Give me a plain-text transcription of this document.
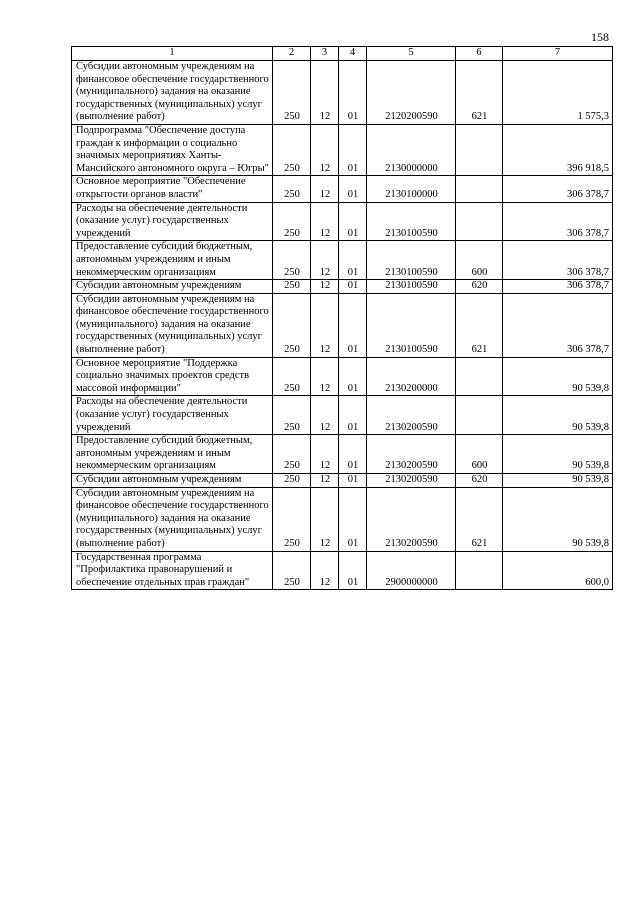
158
1	2	3	4	5	6	7
Субсидии автономным учреждениям на финансовое обеспечение государственного (муниципального) задания на оказание государственных (муниципальных) услуг (выполнение работ)	250	12	01	2120200590	621	1 575,3
Подпрограмма "Обеспечение доступа граждан к информации о социально значимых мероприятиях Ханты-Мансийского автономного округа – Югры"	250	12	01	2130000000		396 918,5
Основное мероприятие "Обеспечение открытости органов власти"	250	12	01	2130100000		306 378,7
Расходы на обеспечение деятельности (оказание услуг) государственных учреждений	250	12	01	2130100590		306 378,7
Предоставление субсидий бюджетным, автономным учреждениям и иным некоммерческим организациям	250	12	01	2130100590	600	306 378,7
Субсидии автономным учреждениям	250	12	01	2130100590	620	306 378,7
Субсидии автономным учреждениям на финансовое обеспечение государственного (муниципального) задания на оказание государственных (муниципальных) услуг (выполнение работ)	250	12	01	2130100590	621	306 378,7
Основное мероприятие "Поддержка социально значимых проектов средств массовой информации"	250	12	01	2130200000		90 539,8
Расходы на обеспечение деятельности (оказание услуг) государственных учреждений	250	12	01	2130200590		90 539,8
Предоставление субсидий бюджетным, автономным учреждениям и иным некоммерческим организациям	250	12	01	2130200590	600	90 539,8
Субсидии автономным учреждениям	250	12	01	2130200590	620	90 539,8
Субсидии автономным учреждениям на финансовое обеспечение государственного (муниципального) задания на оказание государственных (муниципальных) услуг (выполнение работ)	250	12	01	2130200590	621	90 539,8
Государственная программа "Профилактика правонарушений и обеспечение отдельных прав граждан"	250	12	01	2900000000		600,0
